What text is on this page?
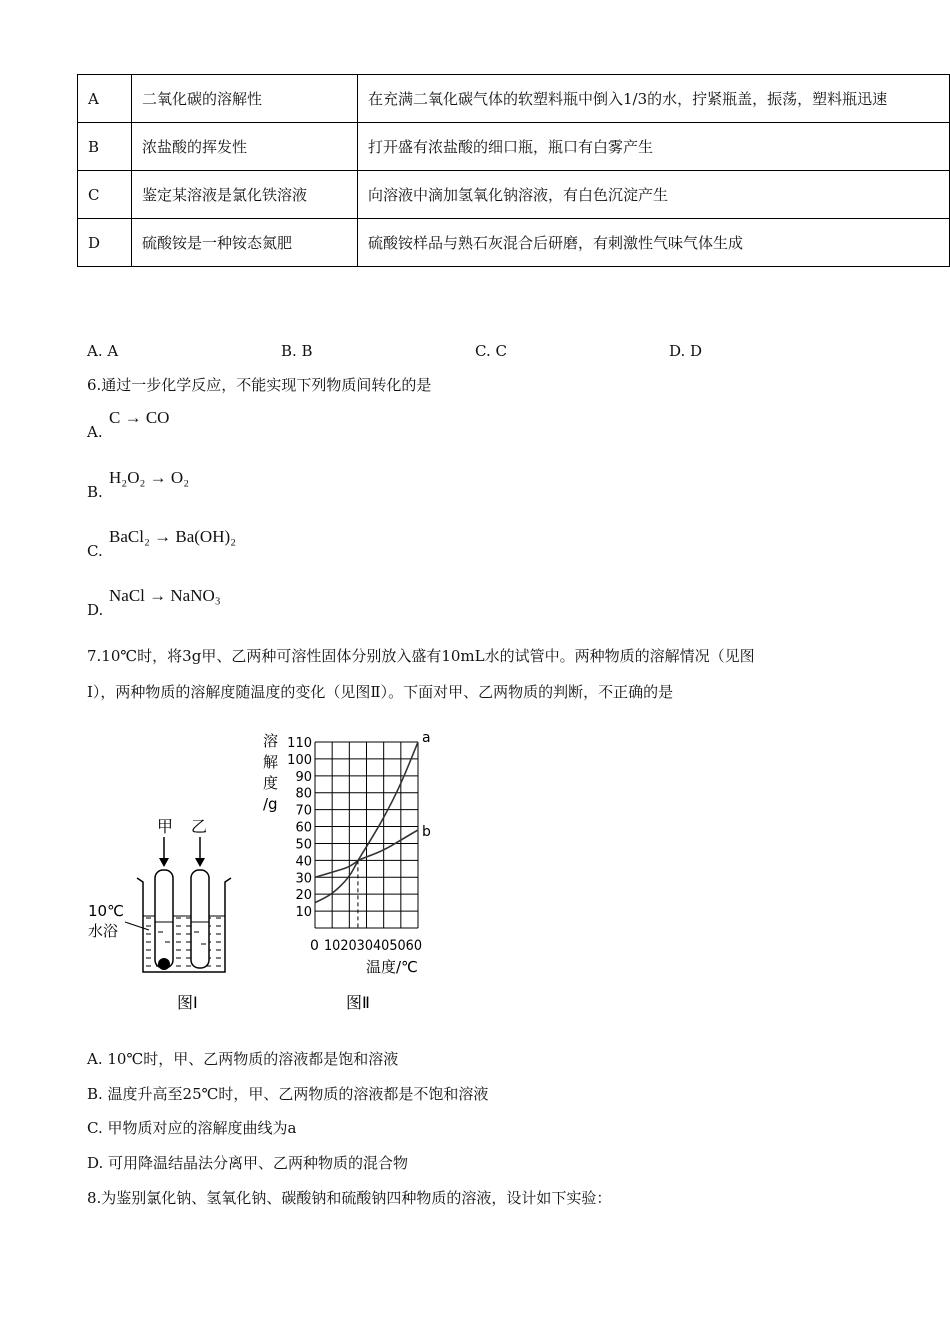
A	二氧化碳的溶解性	在充满二氧化碳气体的软塑料瓶中倒入1/3的水，拧紧瓶盖，振荡，塑料瓶迅速
B	浓盐酸的挥发性	打开盛有浓盐酸的细口瓶，瓶口有白雾产生
C	鉴定某溶液是氯化铁溶液	向溶液中滴加氢氧化钠溶液，有白色沉淀产生
D	硫酸铵是一种铵态氮肥	硫酸铵样品与熟石灰混合后研磨，有刺激性气味气体生成
A. A	B. B	C. C	D. D
6.通过一步化学反应，不能实现下列物质间转化的是
A.
C → CO
B.
H₂O₂ → O₂
C.
BaCl₂ → Ba(OH)₂
D.
NaCl → NaNO₃
7.10℃时，将3g甲、乙两种可溶性固体分别放入盛有10mL水的试管中。两种物质的溶解情况（见图
Ⅰ），两种物质的溶解度随温度的变化（见图Ⅱ）。下面对甲、乙两物质的判断，不正确的是
甲 乙
10℃
水浴
图Ⅰ
溶
解
度
/g
10
20
30
40
50
60
70
80
90
100
110	a
b
0 102030405060
温度/℃
图Ⅱ
A. 10℃时，甲、乙两物质的溶液都是饱和溶液
B. 温度升高至25℃时，甲、乙两物质的溶液都是不饱和溶液
C. 甲物质对应的溶解度曲线为a
D. 可用降温结晶法分离甲、乙两种物质的混合物
8.为鉴别氯化钠、氢氧化钠、碳酸钠和硫酸钠四种物质的溶液，设计如下实验：
